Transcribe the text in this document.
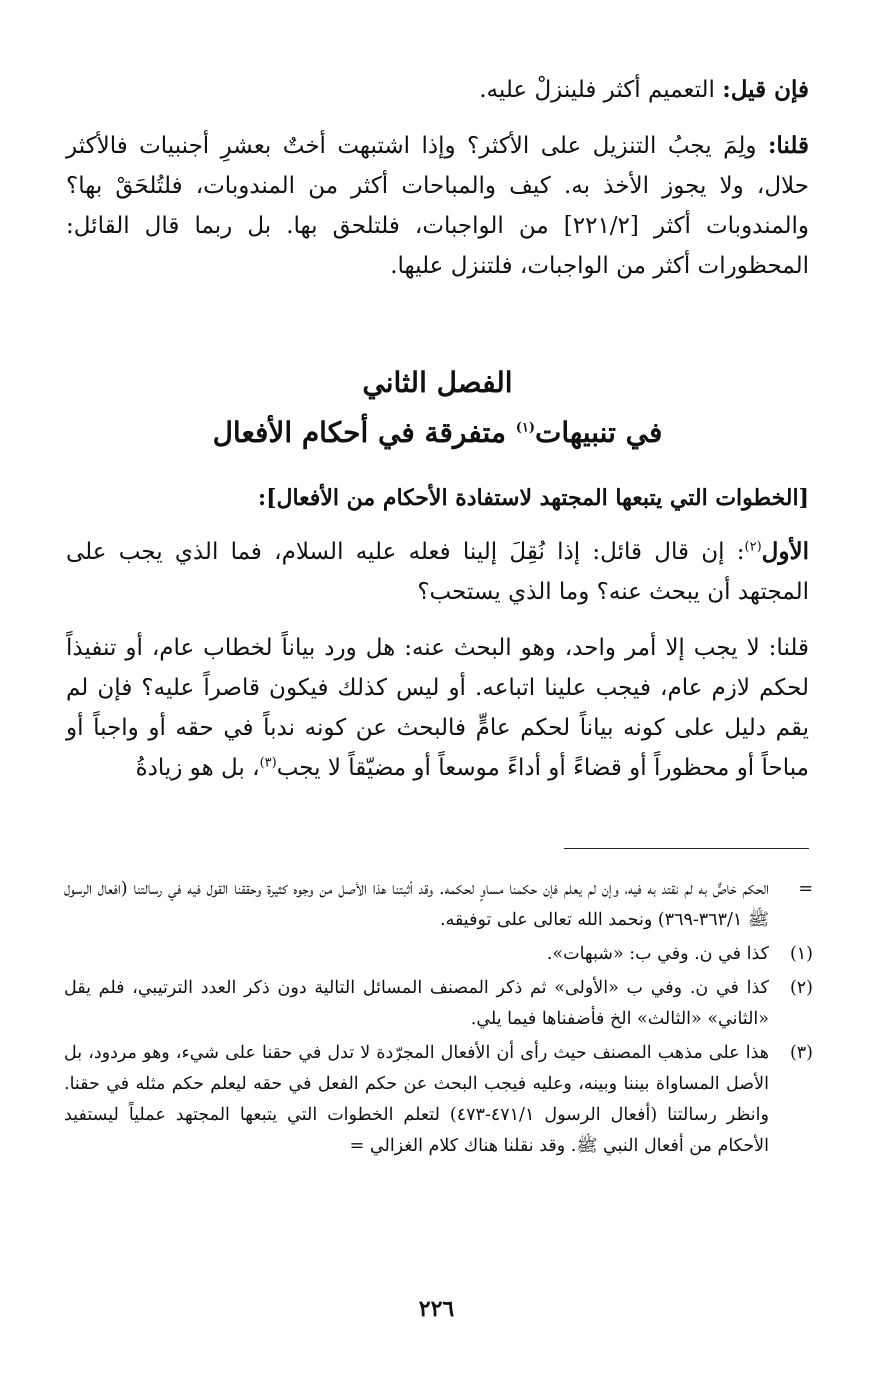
فإن قيل: التعميم أكثر فلينزلْ عليه.

قلنا: ولِمَ يجبُ التنزيل على الأكثر؟ وإذا اشتبهت أختٌ بعشرِ أجنبيات فالأكثر حلال، ولا يجوز الأخذ به. كيف والمباحات أكثر من المندوبات، فلتُلحَقْ بها؟ والمندوبات أكثر [٢٢١/٢] من الواجبات، فلتلحق بها. بل ربما قال القائل: المحظورات أكثر من الواجبات، فلتنزل عليها.

الفصل الثاني
في تنبيهات$^{(١)}$ متفرقة في أحكام الأفعال

[الخطوات التي يتبعها المجتهد لاستفادة الأحكام من الأفعال]:

الأول$^{(٢)}$: إن قال قائل: إذا نُقِلَ إلينا فعله عليه السلام، فما الذي يجب على المجتهد أن يبحث عنه؟ وما الذي يستحب؟

قلنا: لا يجب إلا أمر واحد، وهو البحث عنه: هل ورد بياناً لخطاب عام، أو تنفيذاً لحكم لازم عام، فيجب علينا اتباعه. أو ليس كذلك فيكون قاصراً عليه؟ فإن لم يقم دليل على كونه بياناً لحكم عامٍّ فالبحث عن كونه ندباً في حقه أو واجباً أو مباحاً أو محظوراً أو قضاءً أو أداءً موسعاً أو مضيّقاً لا يجب$^{(٣)}$، بل هو زيادةُ

=
الحكم خاصٌّ به لم نقتد به فيه، وإن لم يعلم فإن حكمنا مساوٍ لحكمه. وقد أثبتنا هذا الأصل من وجوه كثيرة وحققنا القول فيه في رسالتنا (افعال الرسول ﷺ ٣٦٣/١-٣٦٩) ونحمد الله تعالى على توفيقه.
(١)
كذا في ن. وفي ب: «شبهات».
(٢)
كذا في ن. وفي ب «الأولى» ثم ذكر المصنف المسائل التالية دون ذكر العدد الترتيبي، فلم يقل «الثاني» «الثالث» الخ فأضفناها فيما يلي.
(٣)
هذا على مذهب المصنف حيث رأى أن الأفعال المجرّدة لا تدل في حقنا على شيء، وهو مردود، بل الأصل المساواة بيننا وبينه، وعليه فيجب البحث عن حكم الفعل في حقه ليعلم حكم مثله في حقنا. وانظر رسالتنا (أفعال الرسول ٤٧١/١-٤٧٣) لتعلم الخطوات التي يتبعها المجتهد عملياً ليستفيد الأحكام من أفعال النبي ﷺ. وقد نقلنا هناك كلام الغزالي =
٢٢٦
